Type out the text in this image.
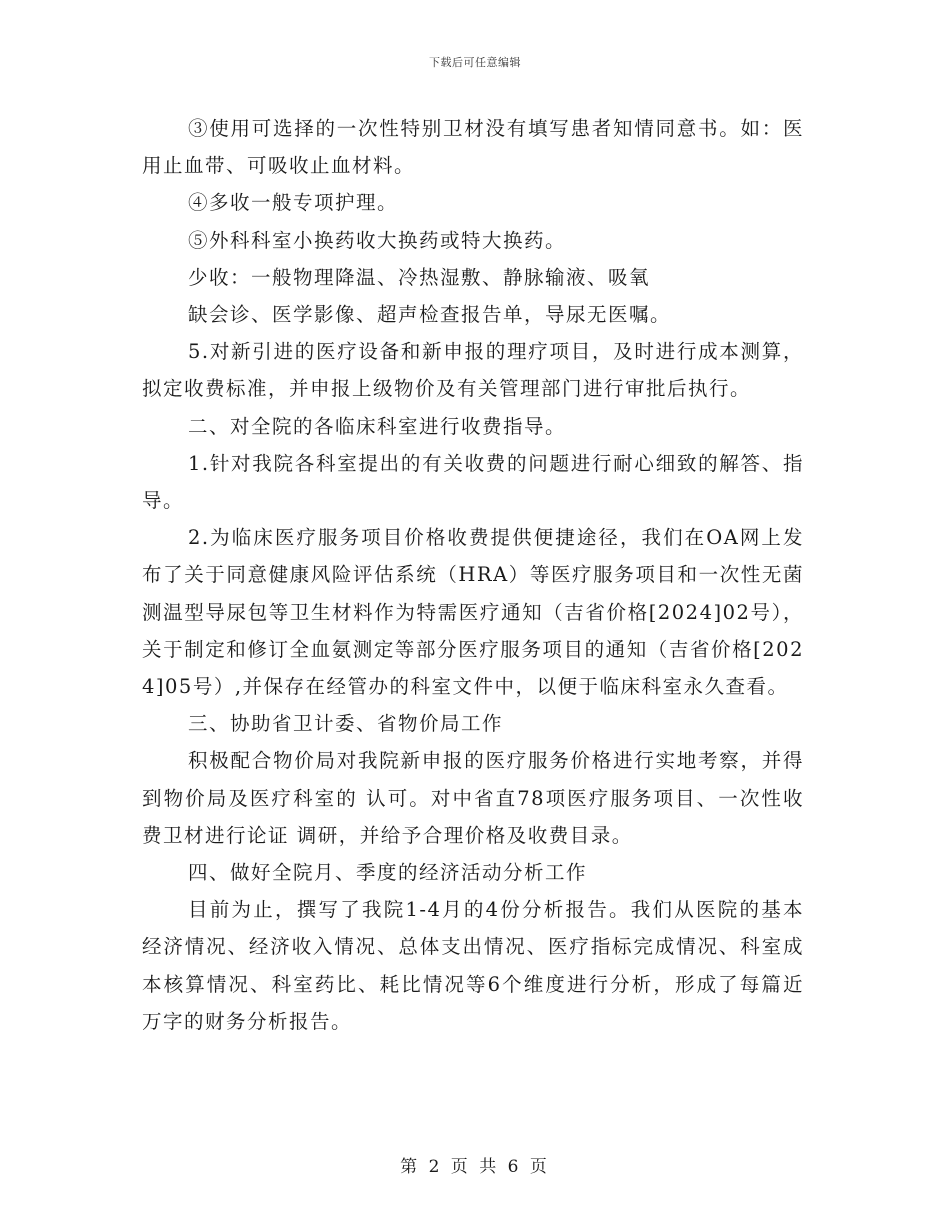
下载后可任意编辑

③使用可选择的一次性特别卫材没有填写患者知情同意书。如：医用止血带、可吸收止血材料。

④多收一般专项护理。

⑤外科科室小换药收大换药或特大换药。

少收：一般物理降温、冷热湿敷、静脉输液、吸氧

缺会诊、医学影像、超声检查报告单，导尿无医嘱。

5.对新引进的医疗设备和新申报的理疗项目，及时进行成本测算，拟定收费标准，并申报上级物价及有关管理部门进行审批后执行。

二、对全院的各临床科室进行收费指导。

1.针对我院各科室提出的有关收费的问题进行耐心细致的解答、指导。

2.为临床医疗服务项目价格收费提供便捷途径，我们在OA网上发布了关于同意健康风险评估系统（HRA）等医疗服务项目和一次性无菌测温型导尿包等卫生材料作为特需医疗通知（吉省价格[2024]02号），关于制定和修订全血氨测定等部分医疗服务项目的通知（吉省价格[2024]05号）,并保存在经管办的科室文件中，以便于临床科室永久查看。

三、协助省卫计委、省物价局工作

积极配合物价局对我院新申报的医疗服务价格进行实地考察，并得到物价局及医疗科室的 认可。对中省直78项医疗服务项目、一次性收费卫材进行论证 调研，并给予合理价格及收费目录。

四、做好全院月、季度的经济活动分析工作

目前为止，撰写了我院1-4月的4份分析报告。我们从医院的基本经济情况、经济收入情况、总体支出情况、医疗指标完成情况、科室成本核算情况、科室药比、耗比情况等6个维度进行分析，形成了每篇近万字的财务分析报告。

第 2 页 共 6 页
